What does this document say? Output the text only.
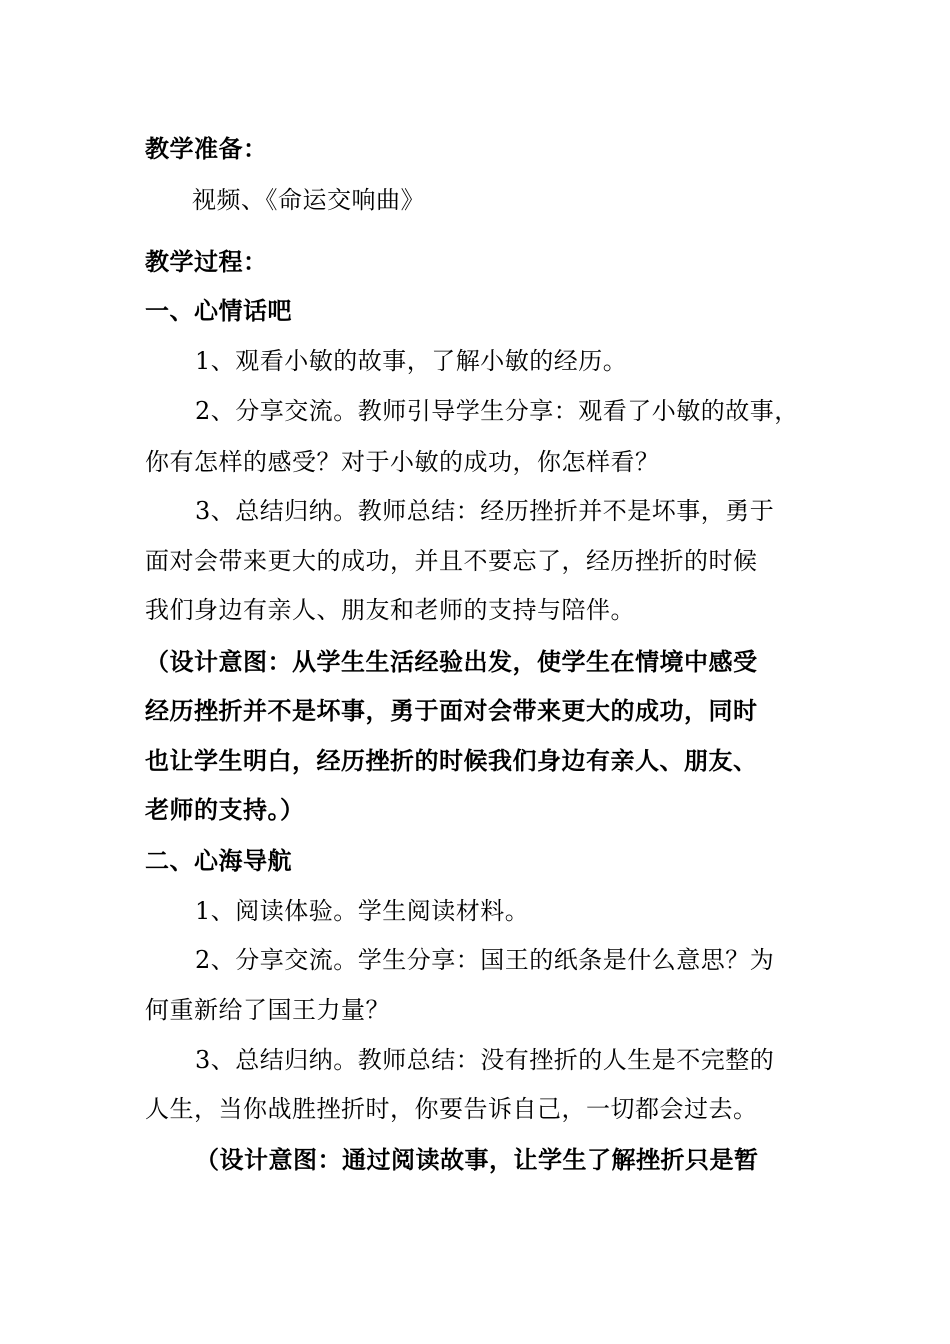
教学准备：
视频、《命运交响曲》
教学过程：
一、心情话吧
1、观看小敏的故事，了解小敏的经历。
2、分享交流。教师引导学生分享：观看了小敏的故事，
你有怎样的感受？对于小敏的成功，你怎样看？
3、总结归纳。教师总结：经历挫折并不是坏事，勇于
面对会带来更大的成功，并且不要忘了，经历挫折的时候
我们身边有亲人、朋友和老师的支持与陪伴。
（设计意图：从学生生活经验出发，使学生在情境中感受
经历挫折并不是坏事，勇于面对会带来更大的成功，同时
也让学生明白，经历挫折的时候我们身边有亲人、朋友、
老师的支持。）
二、心海导航
1、阅读体验。学生阅读材料。
2、分享交流。学生分享：国王的纸条是什么意思？为
何重新给了国王力量？
3、总结归纳。教师总结：没有挫折的人生是不完整的
人生，当你战胜挫折时，你要告诉自己，一切都会过去。
（设计意图：通过阅读故事，让学生了解挫折只是暂
